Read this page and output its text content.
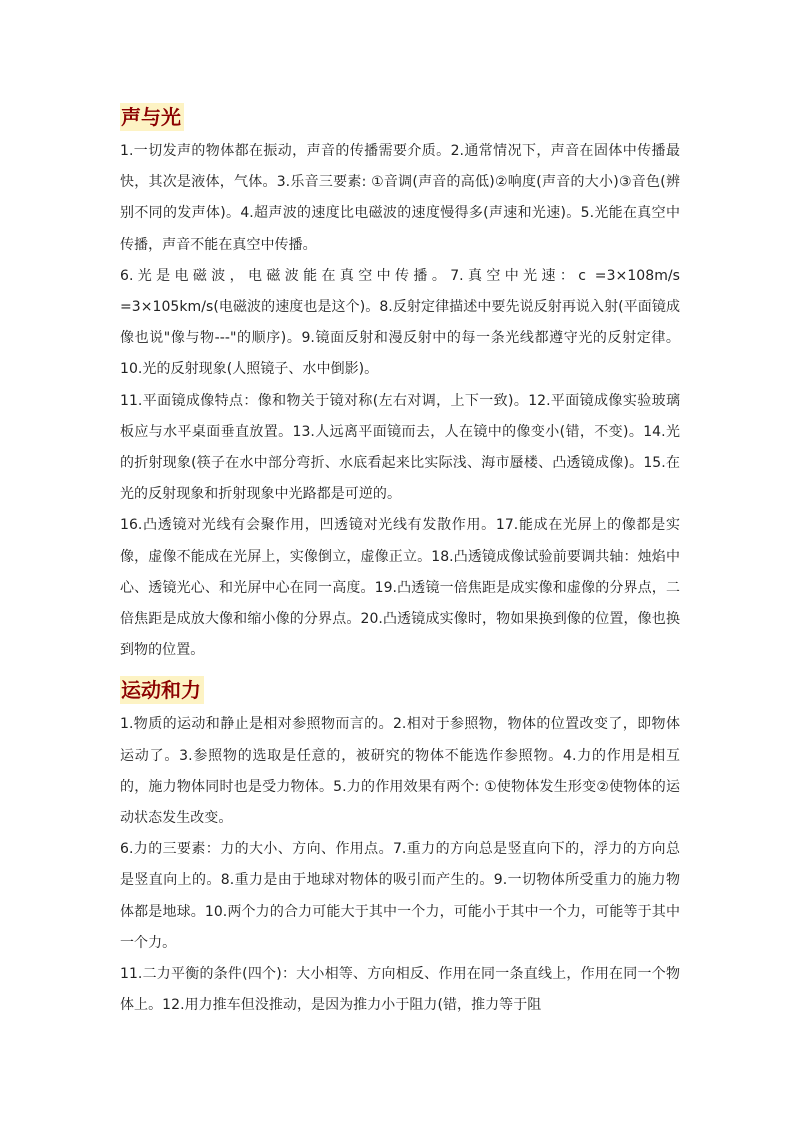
声与光

1.一切发声的物体都在振动，声音的传播需要介质。2.通常情况下，声音在固体中传播最快，其次是液体，气体。3.乐音三要素: ①音调(声音的高低)②响度(声音的大小)③音色(辨别不同的发声体)。4.超声波的速度比电磁波的速度慢得多(声速和光速)。5.光能在真空中传播，声音不能在真空中传播。

6.光是电磁波，电磁波能在真空中传播。7.真空中光速：c =3×108m/s =3×105km/s(电磁波的速度也是这个)。8.反射定律描述中要先说反射再说入射(平面镜成像也说"像与物---"的顺序)。9.镜面反射和漫反射中的每一条光线都遵守光的反射定律。10.光的反射现象(人照镜子、水中倒影)。

11.平面镜成像特点：像和物关于镜对称(左右对调，上下一致)。12.平面镜成像实验玻璃板应与水平桌面垂直放置。13.人远离平面镜而去，人在镜中的像变小(错，不变)。14.光的折射现象(筷子在水中部分弯折、水底看起来比实际浅、海市蜃楼、凸透镜成像)。15.在光的反射现象和折射现象中光路都是可逆的。

16.凸透镜对光线有会聚作用，凹透镜对光线有发散作用。17.能成在光屏上的像都是实像，虚像不能成在光屏上，实像倒立，虚像正立。18.凸透镜成像试验前要调共轴：烛焰中心、透镜光心、和光屏中心在同一高度。19.凸透镜一倍焦距是成实像和虚像的分界点，二倍焦距是成放大像和缩小像的分界点。20.凸透镜成实像时，物如果换到像的位置，像也换到物的位置。

运动和力

1.物质的运动和静止是相对参照物而言的。2.相对于参照物，物体的位置改变了，即物体运动了。3.参照物的选取是任意的，被研究的物体不能选作参照物。4.力的作用是相互的，施力物体同时也是受力物体。5.力的作用效果有两个: ①使物体发生形变②使物体的运动状态发生改变。

6.力的三要素：力的大小、方向、作用点。7.重力的方向总是竖直向下的，浮力的方向总是竖直向上的。8.重力是由于地球对物体的吸引而产生的。9.一切物体所受重力的施力物体都是地球。10.两个力的合力可能大于其中一个力，可能小于其中一个力，可能等于其中一个力。

11.二力平衡的条件(四个)：大小相等、方向相反、作用在同一条直线上，作用在同一个物体上。12.用力推车但没推动，是因为推力小于阻力(错，推力等于阻
